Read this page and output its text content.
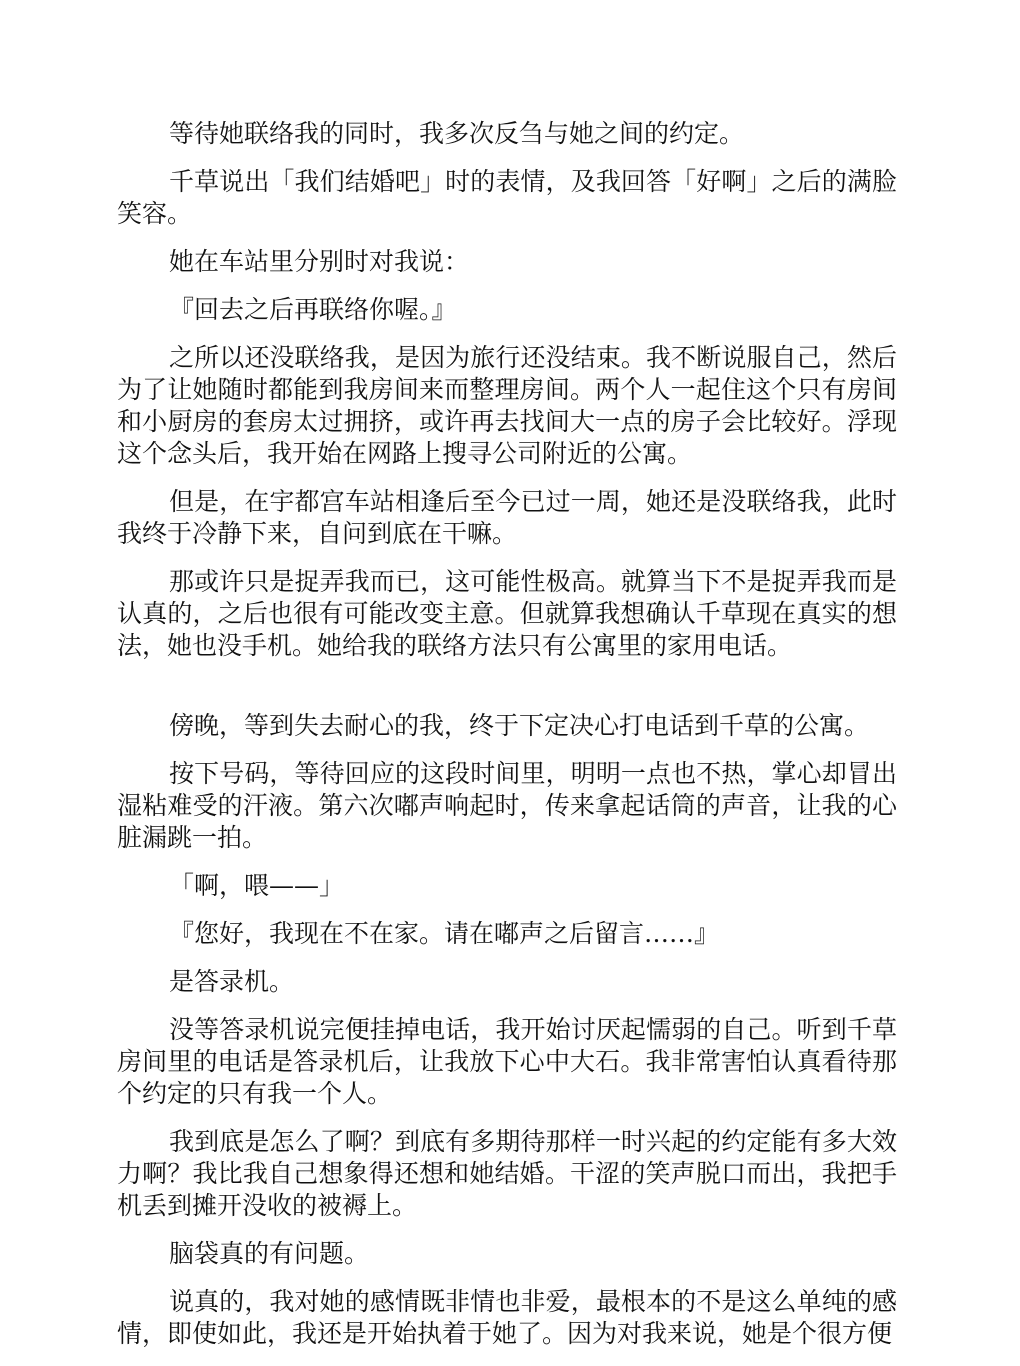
等待她联络我的同时，我多次反刍与她之间的约定。

千草说出「我们结婚吧」时的表情，及我回答「好啊」之后的满脸笑容。

她在车站里分别时对我说：

『回去之后再联络你喔。』

之所以还没联络我，是因为旅行还没结束。我不断说服自己，然后为了让她随时都能到我房间来而整理房间。两个人一起住这个只有房间和小厨房的套房太过拥挤，或许再去找间大一点的房子会比较好。浮现这个念头后，我开始在网路上搜寻公司附近的公寓。

但是，在宇都宫车站相逢后至今已过一周，她还是没联络我，此时我终于冷静下来，自问到底在干嘛。

那或许只是捉弄我而已，这可能性极高。就算当下不是捉弄我而是认真的，之后也很有可能改变主意。但就算我想确认千草现在真实的想法，她也没手机。她给我的联络方法只有公寓里的家用电话。

傍晚，等到失去耐心的我，终于下定决心打电话到千草的公寓。

按下号码，等待回应的这段时间里，明明一点也不热，掌心却冒出湿粘难受的汗液。第六次嘟声响起时，传来拿起话筒的声音，让我的心脏漏跳一拍。

「啊，喂——」

『您好，我现在不在家。请在嘟声之后留言……』

是答录机。

没等答录机说完便挂掉电话，我开始讨厌起懦弱的自己。听到千草房间里的电话是答录机后，让我放下心中大石。我非常害怕认真看待那个约定的只有我一个人。

我到底是怎么了啊？到底有多期待那样一时兴起的约定能有多大效力啊？我比我自己想象得还想和她结婚。干涩的笑声脱口而出，我把手机丢到摊开没收的被褥上。

脑袋真的有问题。

说真的，我对她的感情既非情也非爱，最根本的不是这么单纯的感情，即使如此，我还是开始执着于她了。因为对我来说，她是个很方便
